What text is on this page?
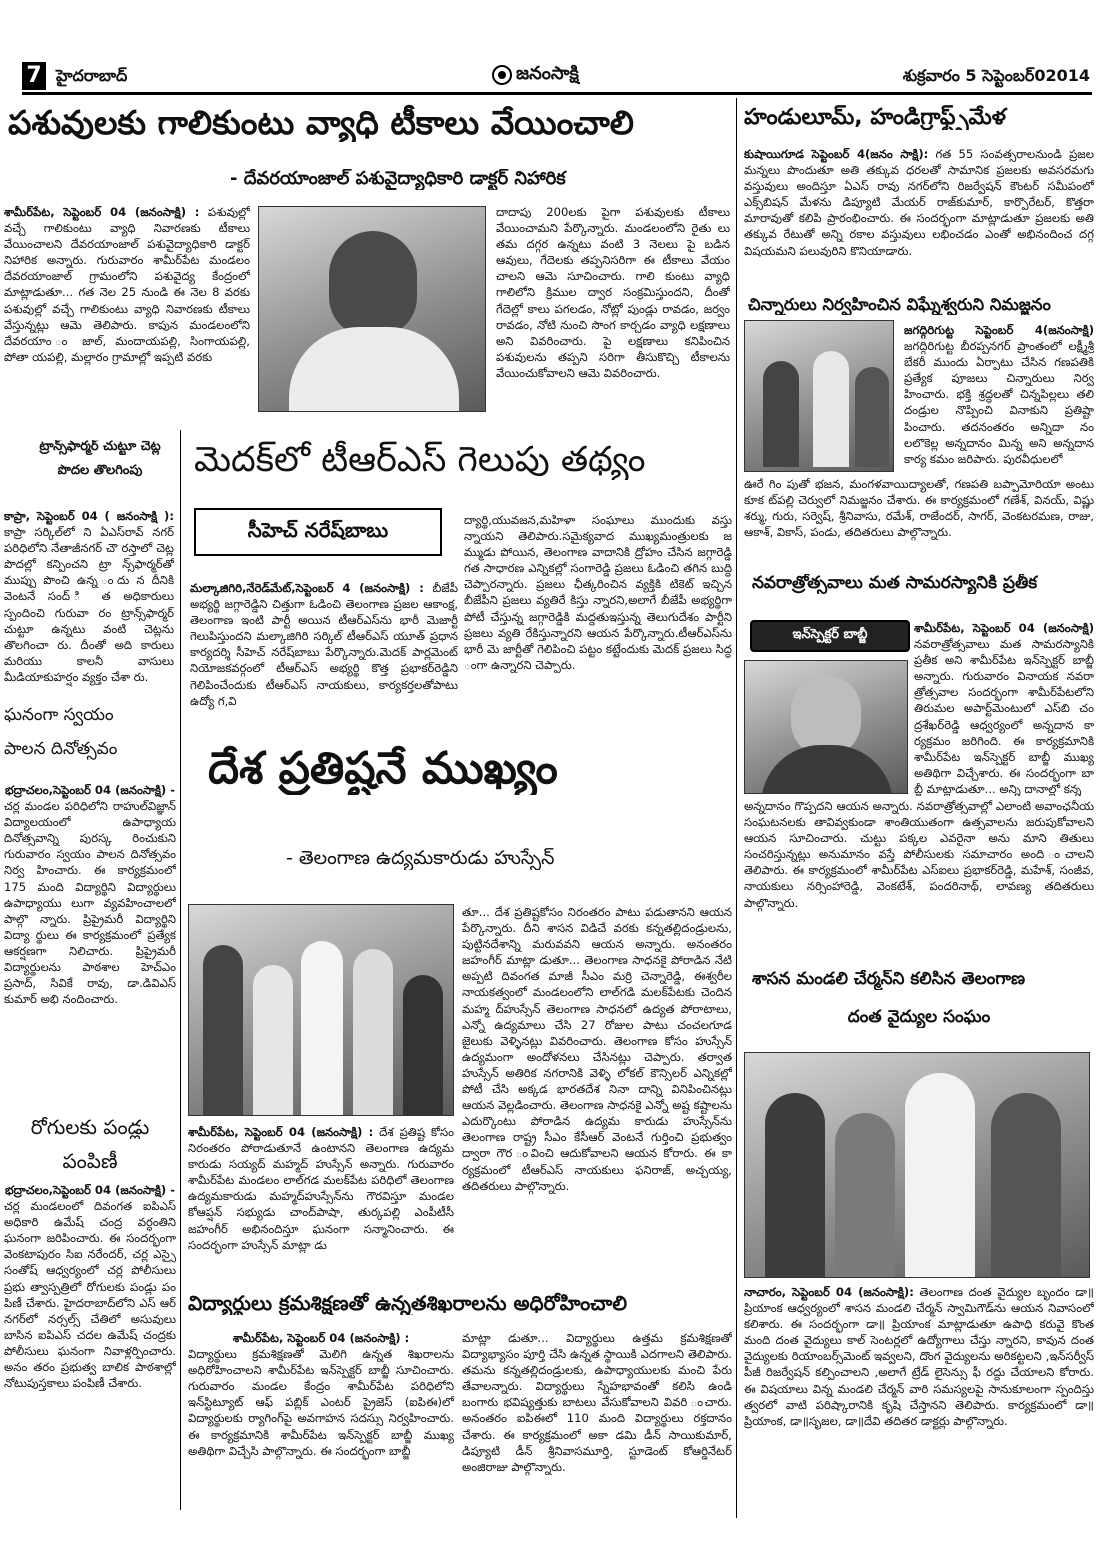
7 హైదరాబాద్	జనంసాక్షి	శుక్రవారం 5 సెప్టెంబర్02014
పశువులకు గాలికుంటు వ్యాధి టీకాలు వేయించాలి
- దేవరయాంజాల్ పశువైద్యాధికారి డాక్టర్ నిహారిక
శామీర్‌పేట, సెప్టెంబర్ 04 (జనంసాక్షి) : పశువుల్లో వచ్చే గాలికుంటు వ్యాధి నివారణకు టీకాలు వేయించాలని దేవరయాంజాల్ పశువైద్యాధికారి డాక్టర్ నిహారిక అన్నారు. గురువారం శామీర్‌పేట మండలం దేవరయాంజాల్ గ్రామంలోని పశువైద్య కేంద్రంలో మాట్లాడుతూ... గత నెల 25 నుండి ఈ నెల 8 వరకు పశువుల్లో వచ్చే గాలికుంటు వ్యాధి నివారణకు టీకాలు వేస్తున్నట్లు ఆమె తెలిపారు. కాపున మండలంలోని దేవరయాం ం జాల్, మందాయపల్లి, సింగాయపల్లి, పోతా యపల్లి, మల్లారం గ్రామాల్లో ఇప్పటి వరకు
దాదాపు 200లకు పైగా పశువులకు టీకాలు వేయించామని పేర్కొన్నారు. మండలంలోని రైతు లు తమ దగ్గర ఉన్నటు వంటి 3 నెలలు పై బడిన ఆవులు, గేదెలకు తప్పనిసరిగా ఈ టీకాలు వేయం చాలని ఆమె సూచించారు. గాలి కుంటు వ్యాధి గాలిలోని క్రిముల ద్వార సంక్రమిస్తుందని, దీంతో గేదెల్లో కాలు పగలడం, నోట్లో పుండ్లు రావడం, జర్వం రావడం, నోటి నుంచి సొంగ కార్చడం వ్యాధి లక్షణాలు అని వివరించారు. పై లక్షణాలు కనిపించిన పశువులను తప్పని సరిగా తీసుకొచ్చి టీకాలను వేయించుకోవాలని ఆమె వివరించారు.
హండులూమ్, హండిగ్రాఫ్ట్స్‌మేళ
కుషాయిగూడ సెప్టెంబర్ 4(జనం సాక్షి): గత 55 సంవత్సరాలనుండి ప్రజల మన్నలు పొందుతూ అతి తక్కువ ధరలతో సామానిక ప్రజలకు అవసరమగు వస్తువులు అందిస్తూ ఏఎస్ రావు నగర్‌లోని రిజర్వేషన్ కౌంటర్ సమీపంలో ఎక్స్‌బిషన్ మేళను డిప్యూటి మేయర్ రాజ్‌కుమార్, కార్పొరేటర్, కొత్తరా మారావుతో కలిపి ప్రారంభించారు. ఈ సందర్భంగా మాట్లాడుతూ ప్రజలకు అతి తక్కువ రేటుతో అన్ని రకాల వస్తువులు లభించడం ఎంతో అభినందించ దగ్గ విషయమని పలువురిని కొనియాడారు.
చిన్నారులు నిర్వహించిన విఘ్నేశ్వరుని నిమజ్జనం
జగద్గిరిగుట్ట సెప్టెంబర్ 4(జనంసాక్షి) జగద్గిరిగుట్ట బీరప్పనగర్ ప్రాంతంలో లక్ష్మీశ్రీ బేకరీ ముందు ఏర్పాటు చేసిన గణపతికి ప్రత్యేక పూజలు చిన్నారులు నిర్వ హించారు. భక్తి శ్రద్ధలతో చిన్నపిల్లలు తలి దండ్రుల నొప్పించి వినాకుని ప్రతిష్టా పించారు. తదనంతరం అన్నిదా నం లలొకెల్ల అన్నదానం మిన్న అని అన్నదాన కార్య కమం జరిపారు. పురవీధులలో
ఊరే గిం పుతో భజన, మంగళవాయిద్యాలతో, గణపతి బప్పామోరియా అంటు కూక ట్‌పల్లి చెర్వులో నిమజ్జనం చేశారు. ఈ కార్యక్రమంలో గణేశ్, వినయ్, విష్ణు శర్ము, గురు, సర్వెష్, శ్రీనివాసు, రమేశ్, రాజేందర్, సాగర్, వెంకటరమణ, రాజు, ఆకాశ్, వికాస్, పండు, తదితరులు పాల్గొన్నారు.
నవరాత్రోత్సవాలు మత సామరస్యానికి ప్రతీక
ఇన్‌స్పెక్టర్ బాబ్జీ	శామీర్‌పేట, సెప్టెంబర్ 04 (జనంసాక్షి) నవరాత్రోత్సవాలు మత సామరస్యానికి ప్రతీక అని శామీర్‌పేట ఇన్‌స్పెక్టర్ బాబ్జీ అన్నారు. గురువారం వినాయక నవరా త్రోత్సవాల సందర్భంగా శామీర్‌పేటలోని తిరుమల అపార్ట్‌మెంటులో ఎస్‌బి చం ద్రశేఖర్‌రెడ్డి ఆధ్వర్యంలో అన్నదాన కా ర్యక్రమం జరిగింది. ఈ కార్యక్రమానికి శామీర్‌పేట ఇన్‌స్పెక్టర్ బాబ్జీ ముఖ్య అతిథిగా విచ్చేశారు. ఈ సందర్భంగా బా బ్జీ మాట్లాడుతూ... అన్ని దానాల్లో కన్న
అన్నదానం గొప్పదని ఆయన అన్నారు. నవరాత్రోత్సవాల్లో ఎలాంటి అవాంఛనీయ సంఘటనలకు తావివ్వకుండా శాంతియుతంగా ఉత్సవాలను జరుపుకోవాలని ఆయన సూచించారు. చుట్టు పక్కల ఎవరైనా అను మాని తితులు సంచరిస్తున్నట్లు అనుమానం వస్తే పోలీసులకు సమాచారం అంది ంచాలని తెలిపారు. ఈ కార్యక్రమంలో శామీర్‌పేట ఎస్‌ఐలు ప్రభాకర్‌రెడ్డి, మహేశ్, సంజీవ, నాయకులు నర్సింహారెడ్డి, వెంకటేశ్, పందరినాథ్, లావణ్య తదితరులు పాల్గొన్నారు.
ట్రాన్స్‌ఫార్మర్ చుట్టూ చెట్ల
పొదల తొలగింపు
కాప్రా, సెప్టెంబర్ 04 ( జనంసాక్షి ): కాప్రా సర్కిల్‌లో ని ఏఎస్‌రావ్ నగర్ పరిధిలోని నేతాజీనగర్ చౌ రస్తాలో చెట్ల పొదల్లో కన్పించని ట్రా న్స్‌ఫార్మర్‌తో ముప్పు పొంచి ఉన్న ందు న దీనికి వెంటనే సంద్ ి త అధికారులు స్పందించి గురువా రం ట్రాన్స్‌ఫార్మర్ చుట్టూ ఉన్నటు వంటి చెట్లను తొలగించా రు. దీంతో అది కారులు మరియు కాలనీ వాసులు మీడియాకుహర్షం వ్యక్తం చేశా రు.
మెదక్‌లో టీఆర్ఎస్ గెలుపు తథ్యం
సీహెచ్ నరేష్‌బాబు
మల్కాజిగిరి,నేరెడ్‌మేట్,సెప్టెంబర్ 4 (జనంసాక్షి) : బీజేపీ అభ్యర్థి జగ్గారెడ్డిని చిత్తుగా ఓడించి తెలంగాణ ప్రజల ఆకాంక్ష, తెలంగాణ ఇంటి పార్టీ అయిన టీఆర్ఎస్‌ను భారీ మెజార్టీ గెలుపిస్తుందని మల్కాజిగిరి సర్కిల్ టీఆర్ఎస్ యూత్ ప్రధాన కార్యదర్శి సీహెచ్ నరేష్‌బాబు పేర్కొన్నారు.మెదక్ పార్లమెంట్ నియోజకవర్గంలో టీఆర్ఎస్ అభ్యర్థి కొత్త ప్రభాకర్‌రెడ్డిని గెలిపించేందుకు టీఆర్ఎస్ నాయకులు, కార్యకర్తలతోపాటు ఉద్యో గ,వి
ద్యార్థి,యువజన,మహిళా సంఘాలు ముందుకు వస్తు న్నాయని తెలిపారు.సమైక్యవాద ముఖ్యమంత్రులకు జ మ్ముడు పోయిన, తెలంగాణ వాదానికి ద్రోహం చేసిన జగ్గారెడ్డి గత సాధారణ ఎన్నికల్లో సంగారెడ్డి ప్రజలు ఓడించి తగిన బుద్ధి చెప్పారన్నారు. ప్రజలు ఛీత్కరించిన వ్యక్తికి టికెట్ ఇచ్చిన బీజేపీని ప్రజలు వ్యతిరే కిస్తు న్నారని,అలాగే బీజేపీ అభ్యర్థిగా పోటీ చేస్తున్న జగ్గారెడ్డికి మద్దతుఇస్తున్న తెలుగుదేశం పార్టీని ప్రజలు వ్యతి రేకిస్తున్నారని ఆయన పేర్కొన్నారు.టీఆర్ఎస్‌ను భారీ మె జార్టీతో గెలిపించి పట్టం కట్టేందుకు మెదక్ ప్రజలు సిద్ధ ంగా ఉన్నారని చెప్పారు.
ఘనంగా స్వయం
పాలన దినోత్సవం
భద్రాచలం,సెప్టెంబర్ 04 (జనంసాక్షి) -
చర్ల మండల పరిధిలోని రాహుల్‌విజ్ఞాన్ విద్యాలయంలో ఉపాధ్యాయ దినోత్సవాన్ని పురస్క రించుకుని గురువారం స్వయం పాలన దినోత్సవం నిర్వ హించారు. ఈ కార్యక్రమంలో 175 మంది విద్యార్థిని విద్యార్థులు ఉపాధ్యాయు లుగా వ్యవహించాలలో పాల్గొ న్నారు. ప్రిప్రైమరీ విద్యార్థిని విద్యా ర్థులు ఈ కార్యక్రమంలో ప్రత్యేక ఆకర్షణగా నిలిచారు. ప్రిప్రైమరీ విద్యార్థులను పాఠశాల హెచ్ఎం ప్రసాద్, సివికే రావు, డా.డివిఎస్ కుమార్ అభి నందించారు.
రోగులకు పండ్లు
పంపిణీ
భద్రాచలం,సెప్టెంబర్ 04 (జనంసాక్షి) -
చర్ల మండలంలో దివంగత ఐపిఎస్ అధికారి ఉమేష్ చంద్ర వర్ధంతిని ఘనంగా జరిపించారు. ఈ సందర్భంగా వెంకటాపురం సిఐ నరేందర్, చర్ల ఎస్సై సంతోష్ ఆధ్వర్యంలో చర్ల పోలీసులు ప్రభు త్వాస్పత్రిలో రోగులకు పండ్లు పం పిణీ చేశారు. హైదరాబాద్‌లోని ఎస్ ఆర్ నగర్‌లో నర్సల్స్ చేతిలో అసువులు బాసిన ఐపిఎస్ చదల ఉమేష్ చంద్రకు పోలీసులు ఘనంగా నివాళ్లర్పించారు. అనం తరం ప్రభుత్వ బాలిక పాఠశాల్లో నోటుపుస్తకాలు పంపిణీ చేశారు.
దేశ ప్రతిష్టనే ముఖ్యం
- తెలంగాణ ఉద్యమకారుడు హుస్సేన్
శామీర్‌పేట, సెప్టెంబర్ 04 (జనంసాక్షి) : దేశ ప్రతిష్ట కోసం నిరంతరం పోరాడుతూనే ఉంటానని తెలంగాణ ఉద్యమ కారుడు సయ్యద్ మహ్మద్ హుస్సేన్ అన్నారు. గురువారం శామీర్‌పేట మండలం లాల్‌గడ మలక్‌పేట పరిధిలో తెలంగాణ ఉద్యమకారుడు మహ్మద్‌హుస్సేన్‌ను గౌరవిస్తూ మండల కోఆప్షన్ సభ్యుడు చాంద్‌పాషా, తుర్కపల్లి ఎంపీటీసీ జహంగీర్ అభినందిస్తూ ఘనంగా సన్మానించారు. ఈ సందర్భంగా హుస్సేన్ మాట్లా డు
తూ... దేశ ప్రతిష్టకోసం నిరంతరం పాటు పడుతానని ఆయన పేర్కొన్నారు. దీని శాసన విడిచే వరకు కన్నతల్లిదండ్రులను, పుట్టినదేశాన్ని మరువవని ఆయన అన్నారు. అనంతరం జహంగీర్ మాట్లా డుతూ... తెలంగాణ సాధనకై పోరాడిన నేటి అప్పటి దివంగత మాజీ సీఎం మర్రి చెన్నారెడ్డి, ఈశ్వరీల నాయకత్వంలో మండలంలోని లాల్‌గడి మలక్‌పేటకు చెందిన మహ్మ ద్‌హుస్సేన్ తెలంగాణ సాధనలో ఉద్యత పోరాటాలు, ఎన్నో ఉద్యమాలు చేసి 27 రోజుల పాటు చంచలగూడ జైలుకు వెళ్ళినట్లు వివరించారు. తెలంగాణ కోసం హుస్సేన్ ఉద్యమంగా అందోళనలు చేసినట్లు చెప్పారు. తర్వాత హుస్సేన్ అతిరిక నగరానికి వెళ్ళి లోకల్ కౌన్సిలర్ ఎన్నికల్లో పోటీ చేసి అక్కడ భారతదేశ నినా దాన్ని వినిపించినట్లు ఆయన వెల్లడించారు. తెలంగాణ సాధనకై ఎన్నో అష్ట కష్టాలను ఎదుర్కొంటు పోరాడిన ఉద్యమ కారుడు హుస్సేన్‌ను తెలంగాణ రాష్ట్ర సీఎం కేసీఆర్ వెంటనే గుర్తించి ప్రభుత్వం ద్వారా గౌర ంవించి ఆదుకోవాలని ఆయన కోరారు. ఈ కా ర్యక్రమంలో టీఆర్ఎస్ నాయకులు ఫనిరాజ్, అచ్చయ్య, తదితరులు పాల్గొన్నారు.
శాసన మండలి చేర్మన్‌ని కలిసిన తెలంగాణ
దంత వైద్యుల సంఘం
నాచారం, సెప్టెంబర్ 04 (జనంసాక్షి): తెలంగాణ దంత వైద్యుల బృందం డా॥ ప్రియాంక ఆధ్వర్యంలో శాసన మండలి చేర్మన్ స్వామిగౌడ్‌ను ఆయన నివాసంలో కలిశారు. ఈ సందర్భంగా డా॥ ప్రియాంక మాట్లాడుతూ ఉపాధి కరువై కొంత మంది దంత వైద్యులు కాల్ సెంటర్లలో ఉద్యోగాలు చేస్తు న్నారని, కావున దంత వైద్యులకు రియాంబర్స్‌మెంట్ ఇవ్వలని, దొంగ వైద్యులను అరికట్టలని ,ఇన్‌సర్వీస్ పీజీ రిజర్వేషన్ కల్పించాలని ,అలాగే ట్రేడ్ లైసెన్సు ఫీ రద్దు చేయాలని కోరారు. ఈ విషయాలు విన్న మండలి చేర్మన్ వారి సమస్యలపై సానుకూలంగా స్పందిస్తు త్వరలో వాటి పరిష్కారానికి కృషి చేస్తానని తెలిపారు. కార్యక్రమంలో డా॥ప్రియాంక, డా॥సృజల, డా॥దేవి తదితర డాక్టర్లు పాల్గొన్నారు.
విద్యార్థులు క్రమశిక్షణతో ఉన్నతశిఖరాలను అధిరోహించాలి
శామీర్‌పేట, సెప్టెంబర్ 04 (జనంసాక్షి) :
విద్యార్థులు క్రమశిక్షణతో మెలిగి ఉన్నత శిఖరాలను అధిరోహించాలని శామీర్‌పేట ఇన్‌స్పెక్టర్ బాబ్జీ సూచించారు. గురువారం మండల కేంద్రం శామీర్‌పేట పరిధిలోని ఇన్‌స్టిట్యూట్ ఆఫ్ పబ్లిక్ ఎంటర్ ప్రైజెస్ (ఐపిఈ)లో విద్యార్థులకు ర్యాగింగ్‌పై అవగాహన సదస్సు నిర్వహించారు. ఈ కార్యక్రమానికి శామీర్‌పేట ఇన్‌స్పెక్టర్ బాబ్జీ ముఖ్య అతిథిగా విచ్చేసి పాల్గొన్నారు. ఈ సందర్భంగా బాబ్జీ
మాట్లా డుతూ... విద్యార్థులు ఉత్తమ క్రమశిక్షణతో విద్యాభ్యాసం పూర్తి చేసి ఉన్నత స్థాయికి ఎదగాలని తెలిపారు. తమను కన్నతల్లిదండ్రులకు, ఉపాధ్యాయులకు మంచి పేరు తేవాలన్నారు. విద్యార్థులు స్నేహభావంతో కలిసి ఉండి బంగారు భవిష్యత్తుకు బాటలు వేసుకోవాలని వివరి ంచారు. అనంతరం ఐపిఈలో 110 మంది విద్యార్థులు రక్తదానం చేశారు. ఈ కార్యక్రమంలో అకా డమి డీన్ సాయికుమార్, డిప్యూటి డీన్ శ్రీనివాసమూర్తి, స్టూడెంట్ కోఆర్డినేటర్ అంజిరాజు పాల్గొన్నారు.
